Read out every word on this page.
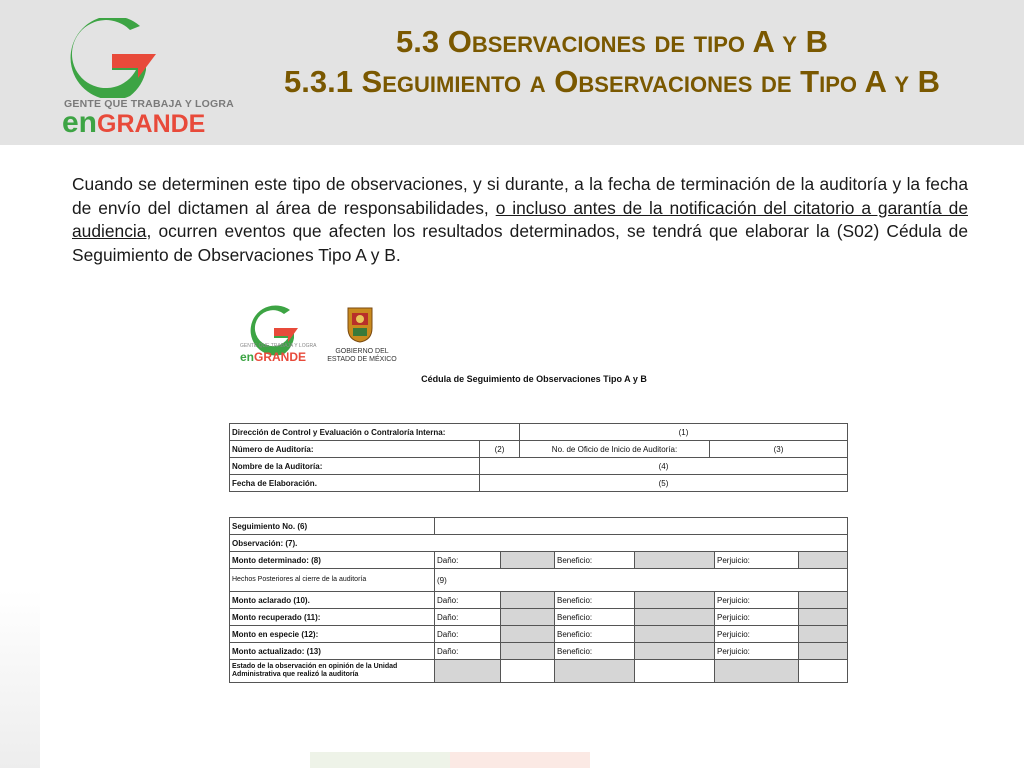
GENTE QUE TRABAJA Y LOGRA
enGRANDE
5.3 Observaciones de tipo A y B
5.3.1 Seguimiento a Observaciones de Tipo A y B
Cuando se determinen este tipo de observaciones, y si durante, a la fecha de terminación de la auditoría y la fecha de envío del dictamen al área de responsabilidades, o incluso antes de la notificación del citatorio a garantía de audiencia, ocurren eventos que afecten los resultados determinados, se tendrá que elaborar la (S02) Cédula de Seguimiento de Observaciones Tipo A y B.
GENTE QUE TRABAJA Y LOGRA
enGRANDE	GOBIERNO DEL
ESTADO DE MÉXICO
Cédula de Seguimiento de Observaciones Tipo A y B
Dirección de Control y Evaluación o Contraloría Interna:		(1)	
Número de Auditoría:	(2)	No. de Oficio de Inicio de Auditoría:	(3)
Nombre de la Auditoría:	(4)		
Fecha de Elaboración.	(5)		
Seguimiento No. (6)						
Observación: (7).						
Monto determinado: (8)	Daño:		Beneficio:		Perjuicio:	
Hechos Posteriores al cierre de la auditoría	(9)					
Monto aclarado (10).	Daño:		Beneficio:		Perjuicio:	
Monto recuperado (11):	Daño:		Beneficio:		Perjuicio:	
Monto en especie (12):	Daño:		Beneficio:		Perjuicio:	
Monto actualizado: (13)	Daño:		Beneficio:		Perjuicio:	
Estado de la observación en opinión de la Unidad Administrativa que realizó la auditoría						
